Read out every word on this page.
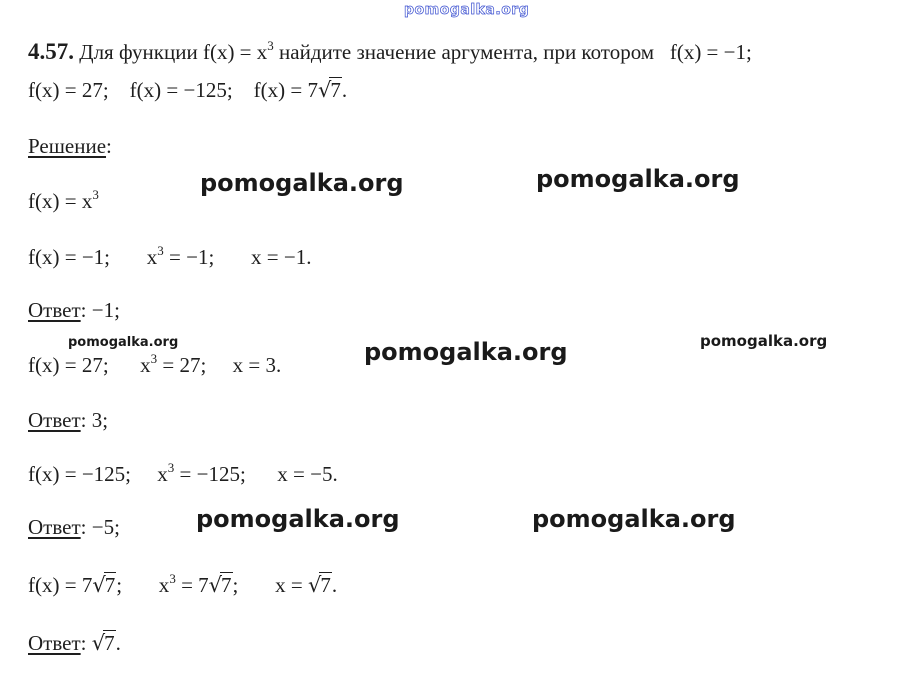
pomogalka.org
4.57. Для функции $f(x) = x^3$ найдите значение аргумента, при котором   f(x) = −1;
f(x) = 27;    f(x) = −125;    f(x) = 7√7.
Решение:
$f(x) = x^3$
f(x) = −1;       $x^3 = -1$;       x = −1.
Ответ: −1;
f(x) = 27;      $x^3 = 27$;     x = 3.
Ответ: 3;
f(x) = −125;     $x^3 = -125$;      x = −5.
Ответ: −5;
f(x) = 7√7;       $x^3 = 7√7$;       x = √7.
Ответ: √7.
pomogalka.org	pomogalka.org
pomogalka.org	pomogalka.org	pomogalka.org
pomogalka.org	pomogalka.org
